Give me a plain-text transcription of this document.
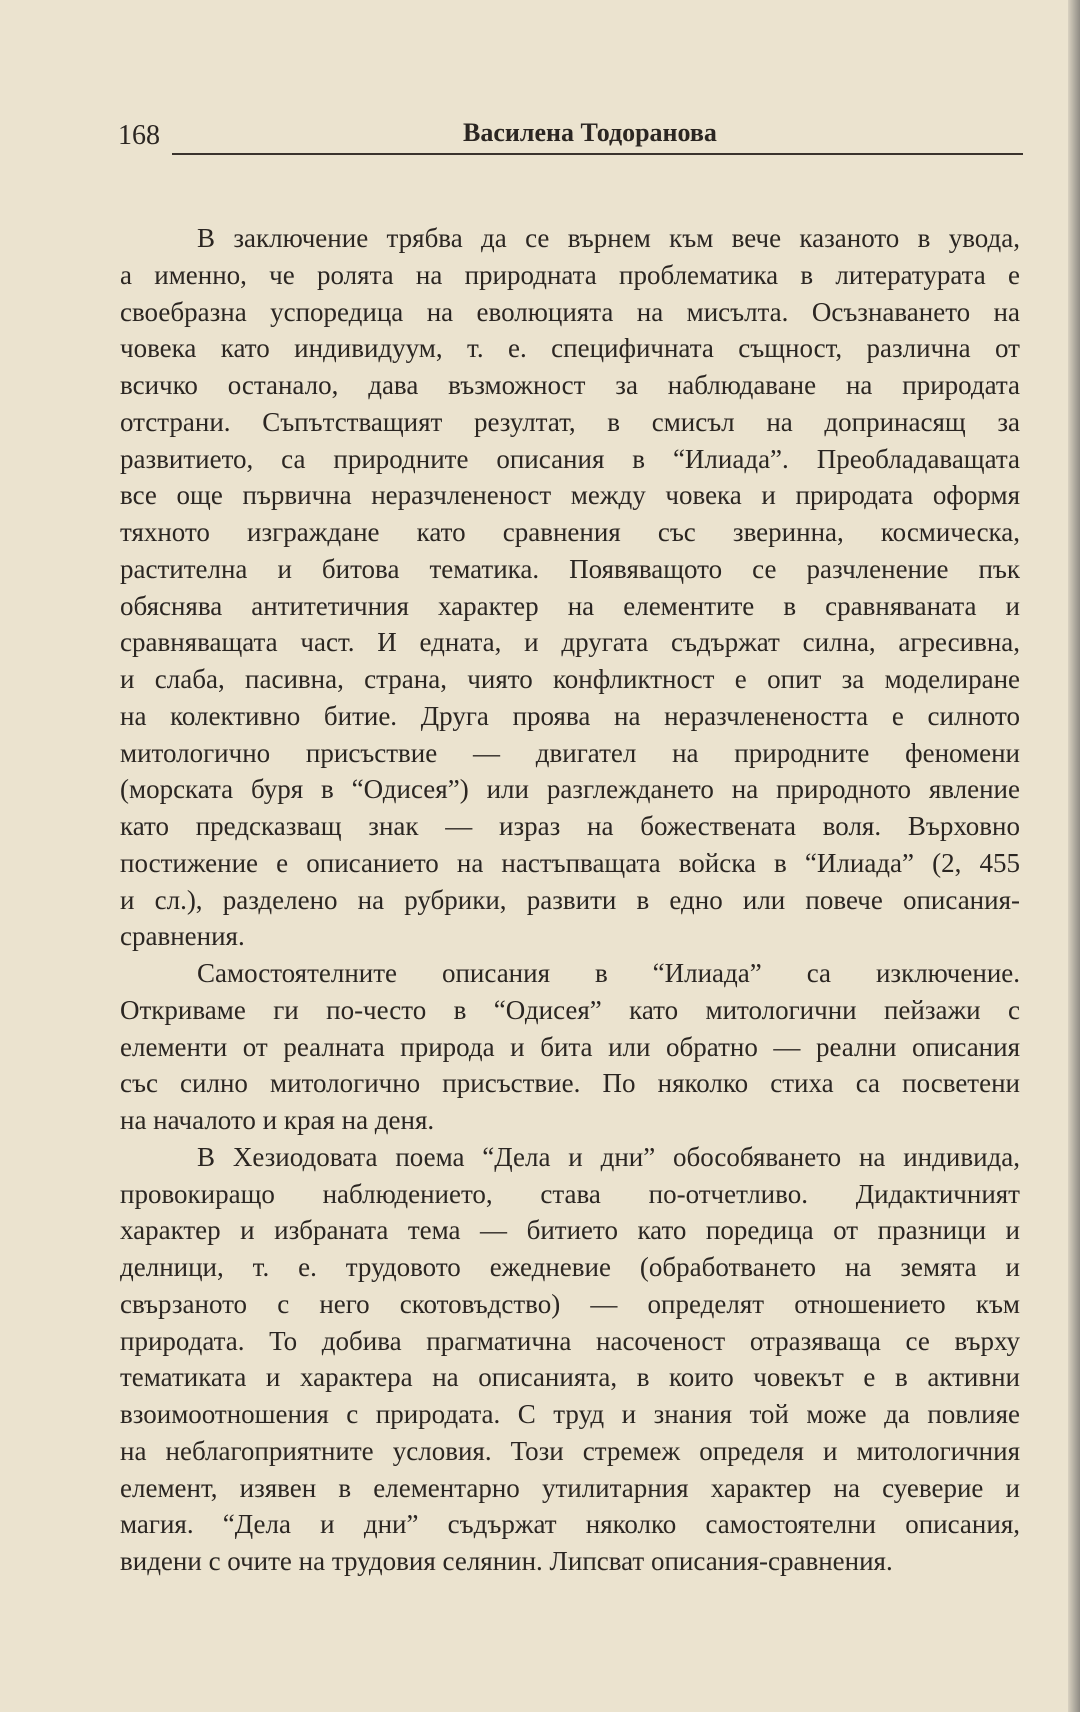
168	Василена Тодоранова
В заключение трябва да се върнем към вече казаното в увода,
а именно, че ролята на природната проблематика в литературата е
своебразна успоредица на еволюцията на мисълта. Осъзнаването на
човека като индивидуум, т. е. специфичната същност, различна от
всичко останало, дава възможност за наблюдаване на природата
отстрани. Съпътстващият резултат, в смисъл на допринасящ за
развитието, са природните описания в “Илиада”. Преобладаващата
все още първична неразчлененост между човека и природата оформя
тяхното изграждане като сравнения със зверинна, космическа,
растителна и битова тематика. Появяващото се разчленение пък
обяснява антитетичния характер на елементите в сравняваната и
сравняващата част. И едната, и другата съдържат силна, агресивна,
и слаба, пасивна, страна, чиято конфликтност е опит за моделиране
на колективно битие. Друга проява на неразчленеността е силното
митологично присъствие — двигател на природните феномени
(морската буря в “Одисея”) или разглеждането на природното явление
като предсказващ знак — израз на божествената воля. Върховно
постижение е описанието на настъпващата войска в “Илиада” (2, 455
и сл.), разделено на рубрики, развити в едно или повече описания-
сравнения.
Самостоятелните описания в “Илиада” са изключение.
Откриваме ги по-често в “Одисея” като митологични пейзажи с
елементи от реалната природа и бита или обратно — реални описания
със силно митологично присъствие. По няколко стиха са посветени
на началото и края на деня.
В Хезиодовата поема “Дела и дни” обособяването на индивида,
провокиращо наблюдението, става по-отчетливо. Дидактичният
характер и избраната тема — битието като поредица от празници и
делници, т. е. трудовото ежедневие (обработването на земята и
свързаното с него скотовъдство) — определят отношението към
природата. То добива прагматична насоченост отразяваща се върху
тематиката и характера на описанията, в които човекът е в активни
взоимоотношения с природата. С труд и знания той може да повлияе
на неблагоприятните условия. Този стремеж определя и митологичния
елемент, изявен в елементарно утилитарния характер на суеверие и
магия. “Дела и дни” съдържат няколко самостоятелни описания,
видени с очите на трудовия селянин. Липсват описания-сравнения.
